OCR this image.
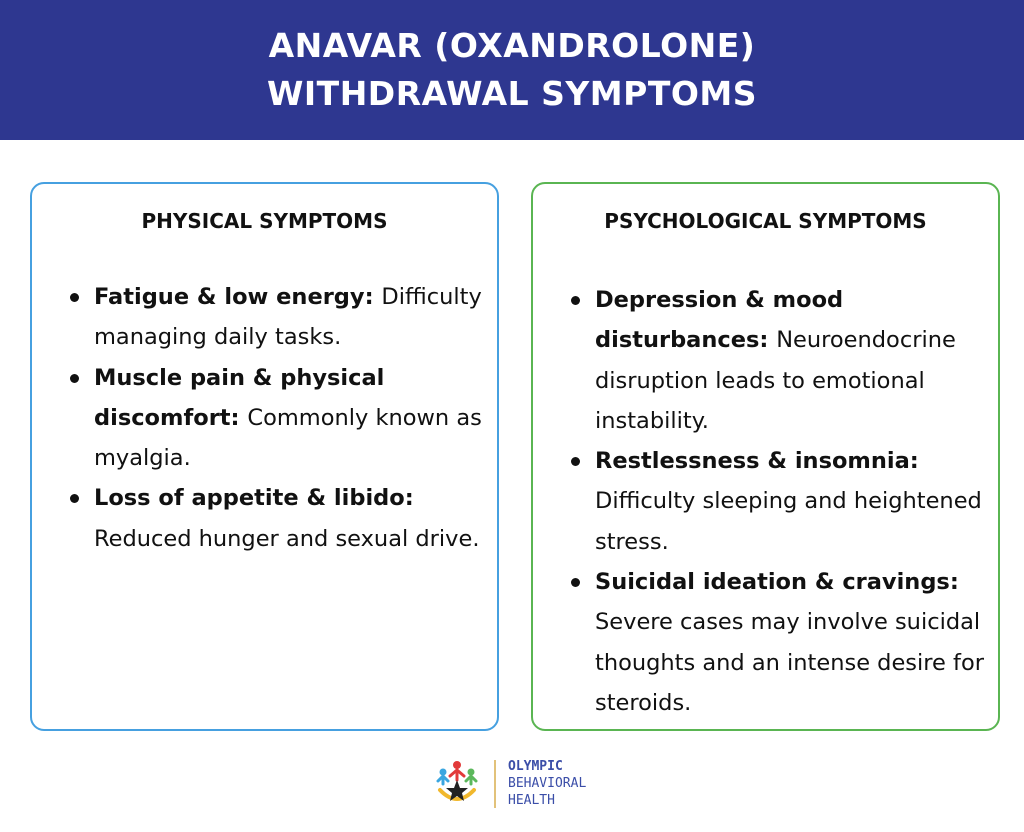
ANAVAR (OXANDROLONE)
WITHDRAWAL SYMPTOMS
PHYSICAL SYMPTOMS
Fatigue & low energy: Difficulty managing daily tasks.
Muscle pain & physical discomfort: Commonly known as myalgia.
Loss of appetite & libido: Reduced hunger and sexual drive.
PSYCHOLOGICAL SYMPTOMS
Depression & mood disturbances: Neuroendocrine disruption leads to emotional instability.
Restlessness & insomnia: Difficulty sleeping and heightened stress.
Suicidal ideation & cravings: Severe cases may involve suicidal thoughts and an intense desire for steroids.
OLYMPIC
BEHAVIORAL
HEALTH
